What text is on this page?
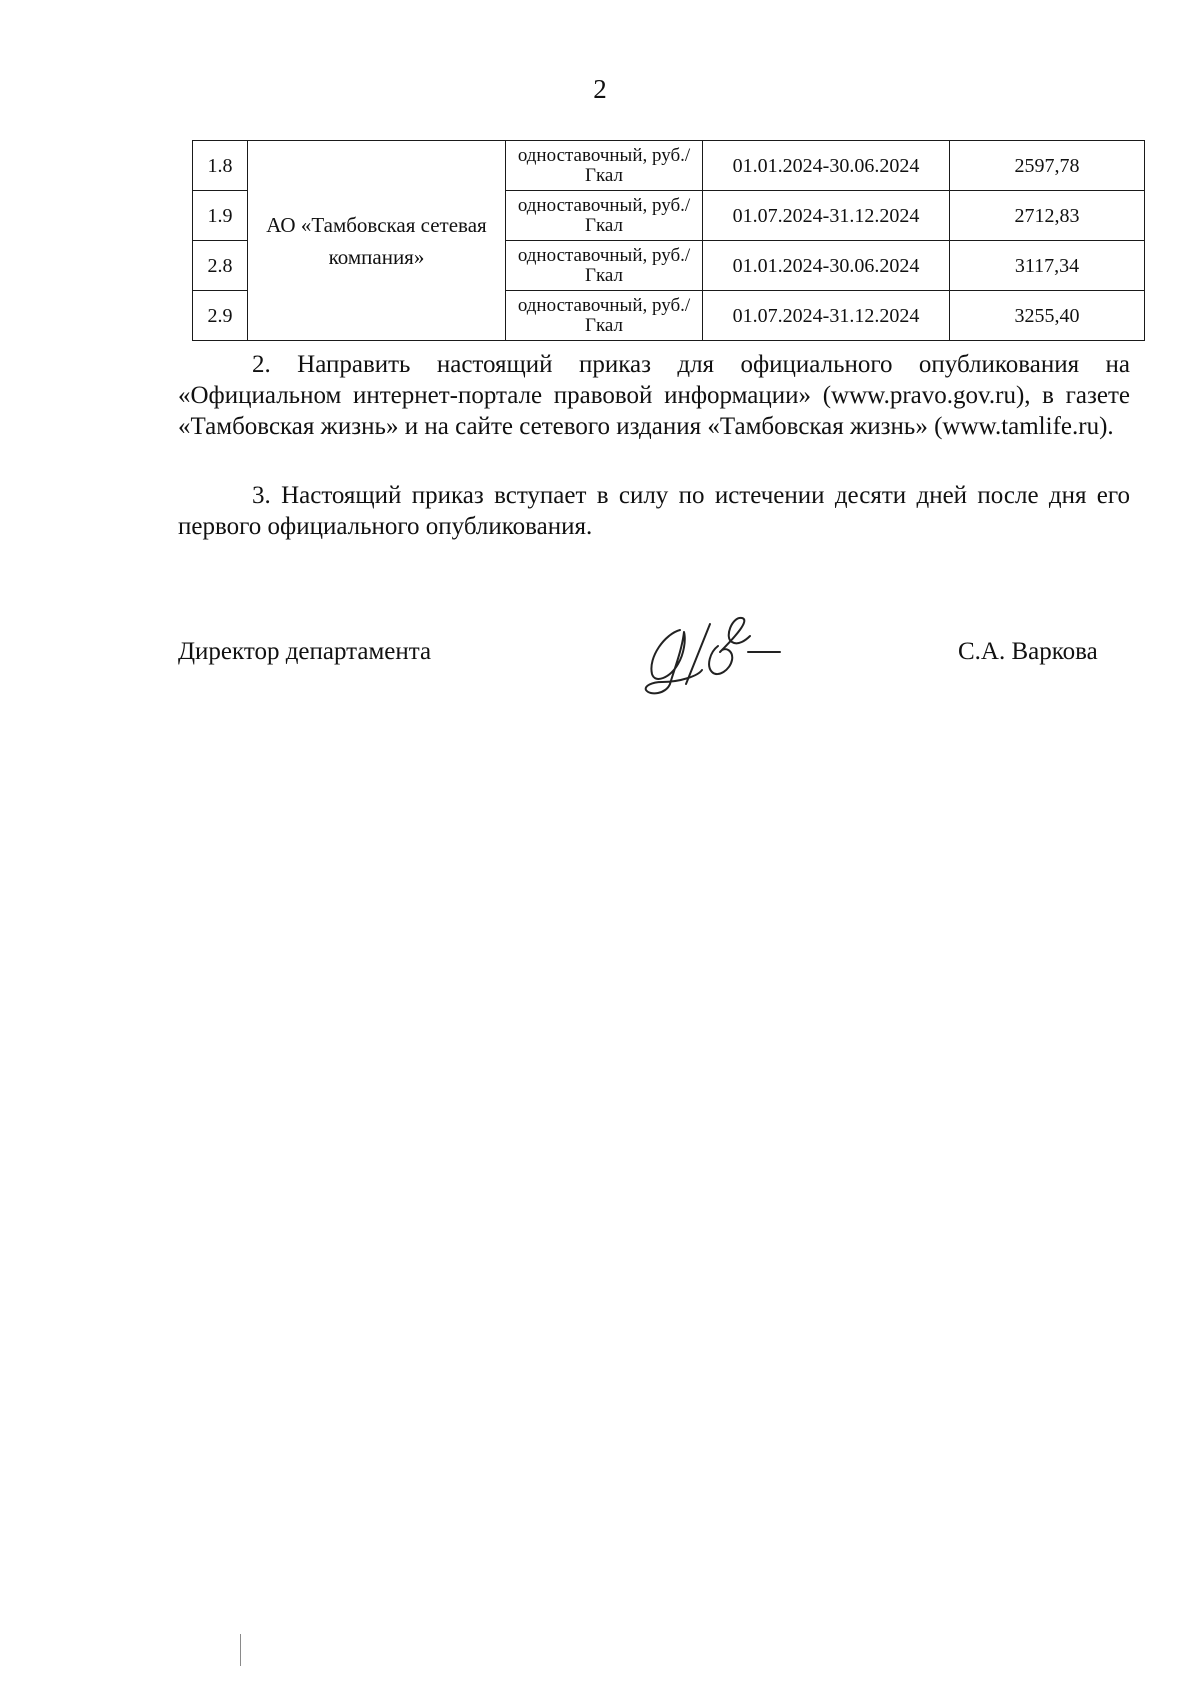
2
1.8	АО «Тамбовская сетевая компания»	одноставочный, руб./Гкал	01.01.2024-30.06.2024	2597,78
1.9		одноставочный, руб./Гкал	01.07.2024-31.12.2024	2712,83
2.8		одноставочный, руб./Гкал	01.01.2024-30.06.2024	3117,34
2.9		одноставочный, руб./Гкал	01.07.2024-31.12.2024	3255,40

2. Направить настоящий приказ для официального опубликования на «Официальном интернет-портале правовой информации» (www.pravo.gov.ru), в газете «Тамбовская жизнь» и на сайте сетевого издания «Тамбовская жизнь» (www.tamlife.ru).

3. Настоящий приказ вступает в силу по истечении десяти дней после дня его первого официального опубликования.

Директор департамента	С.А. Варкова
